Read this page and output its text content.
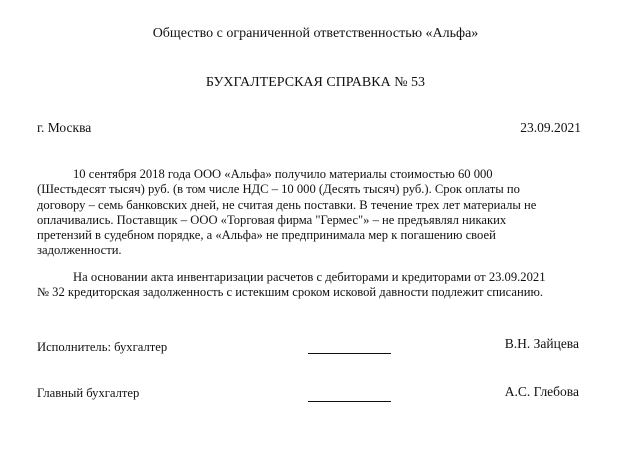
Общество с ограниченной ответственностью «Альфа»
БУХГАЛТЕРСКАЯ СПРАВКА № 53
г. Москва	23.09.2021
10 сентября 2018 года ООО «Альфа» получило материалы стоимостью 60 000
(Шестьдесят тысяч) руб. (в том числе НДС – 10 000 (Десять тысяч) руб.). Срок оплаты по
договору – семь банковских дней, не считая день поставки. В течение трех лет материалы не
оплачивались. Поставщик – ООО «Торговая фирма "Гермес"» – не предъявлял никаких
претензий в судебном порядке, а «Альфа» не предпринимала мер к погашению своей
задолженности.
На основании акта инвентаризации расчетов с дебиторами и кредиторами от 23.09.2021
№ 32 кредиторская задолженность с истекшим сроком исковой давности подлежит списанию.
Исполнитель: бухгалтер	В.Н. Зайцева
Главный бухгалтер	А.С. Глебова
